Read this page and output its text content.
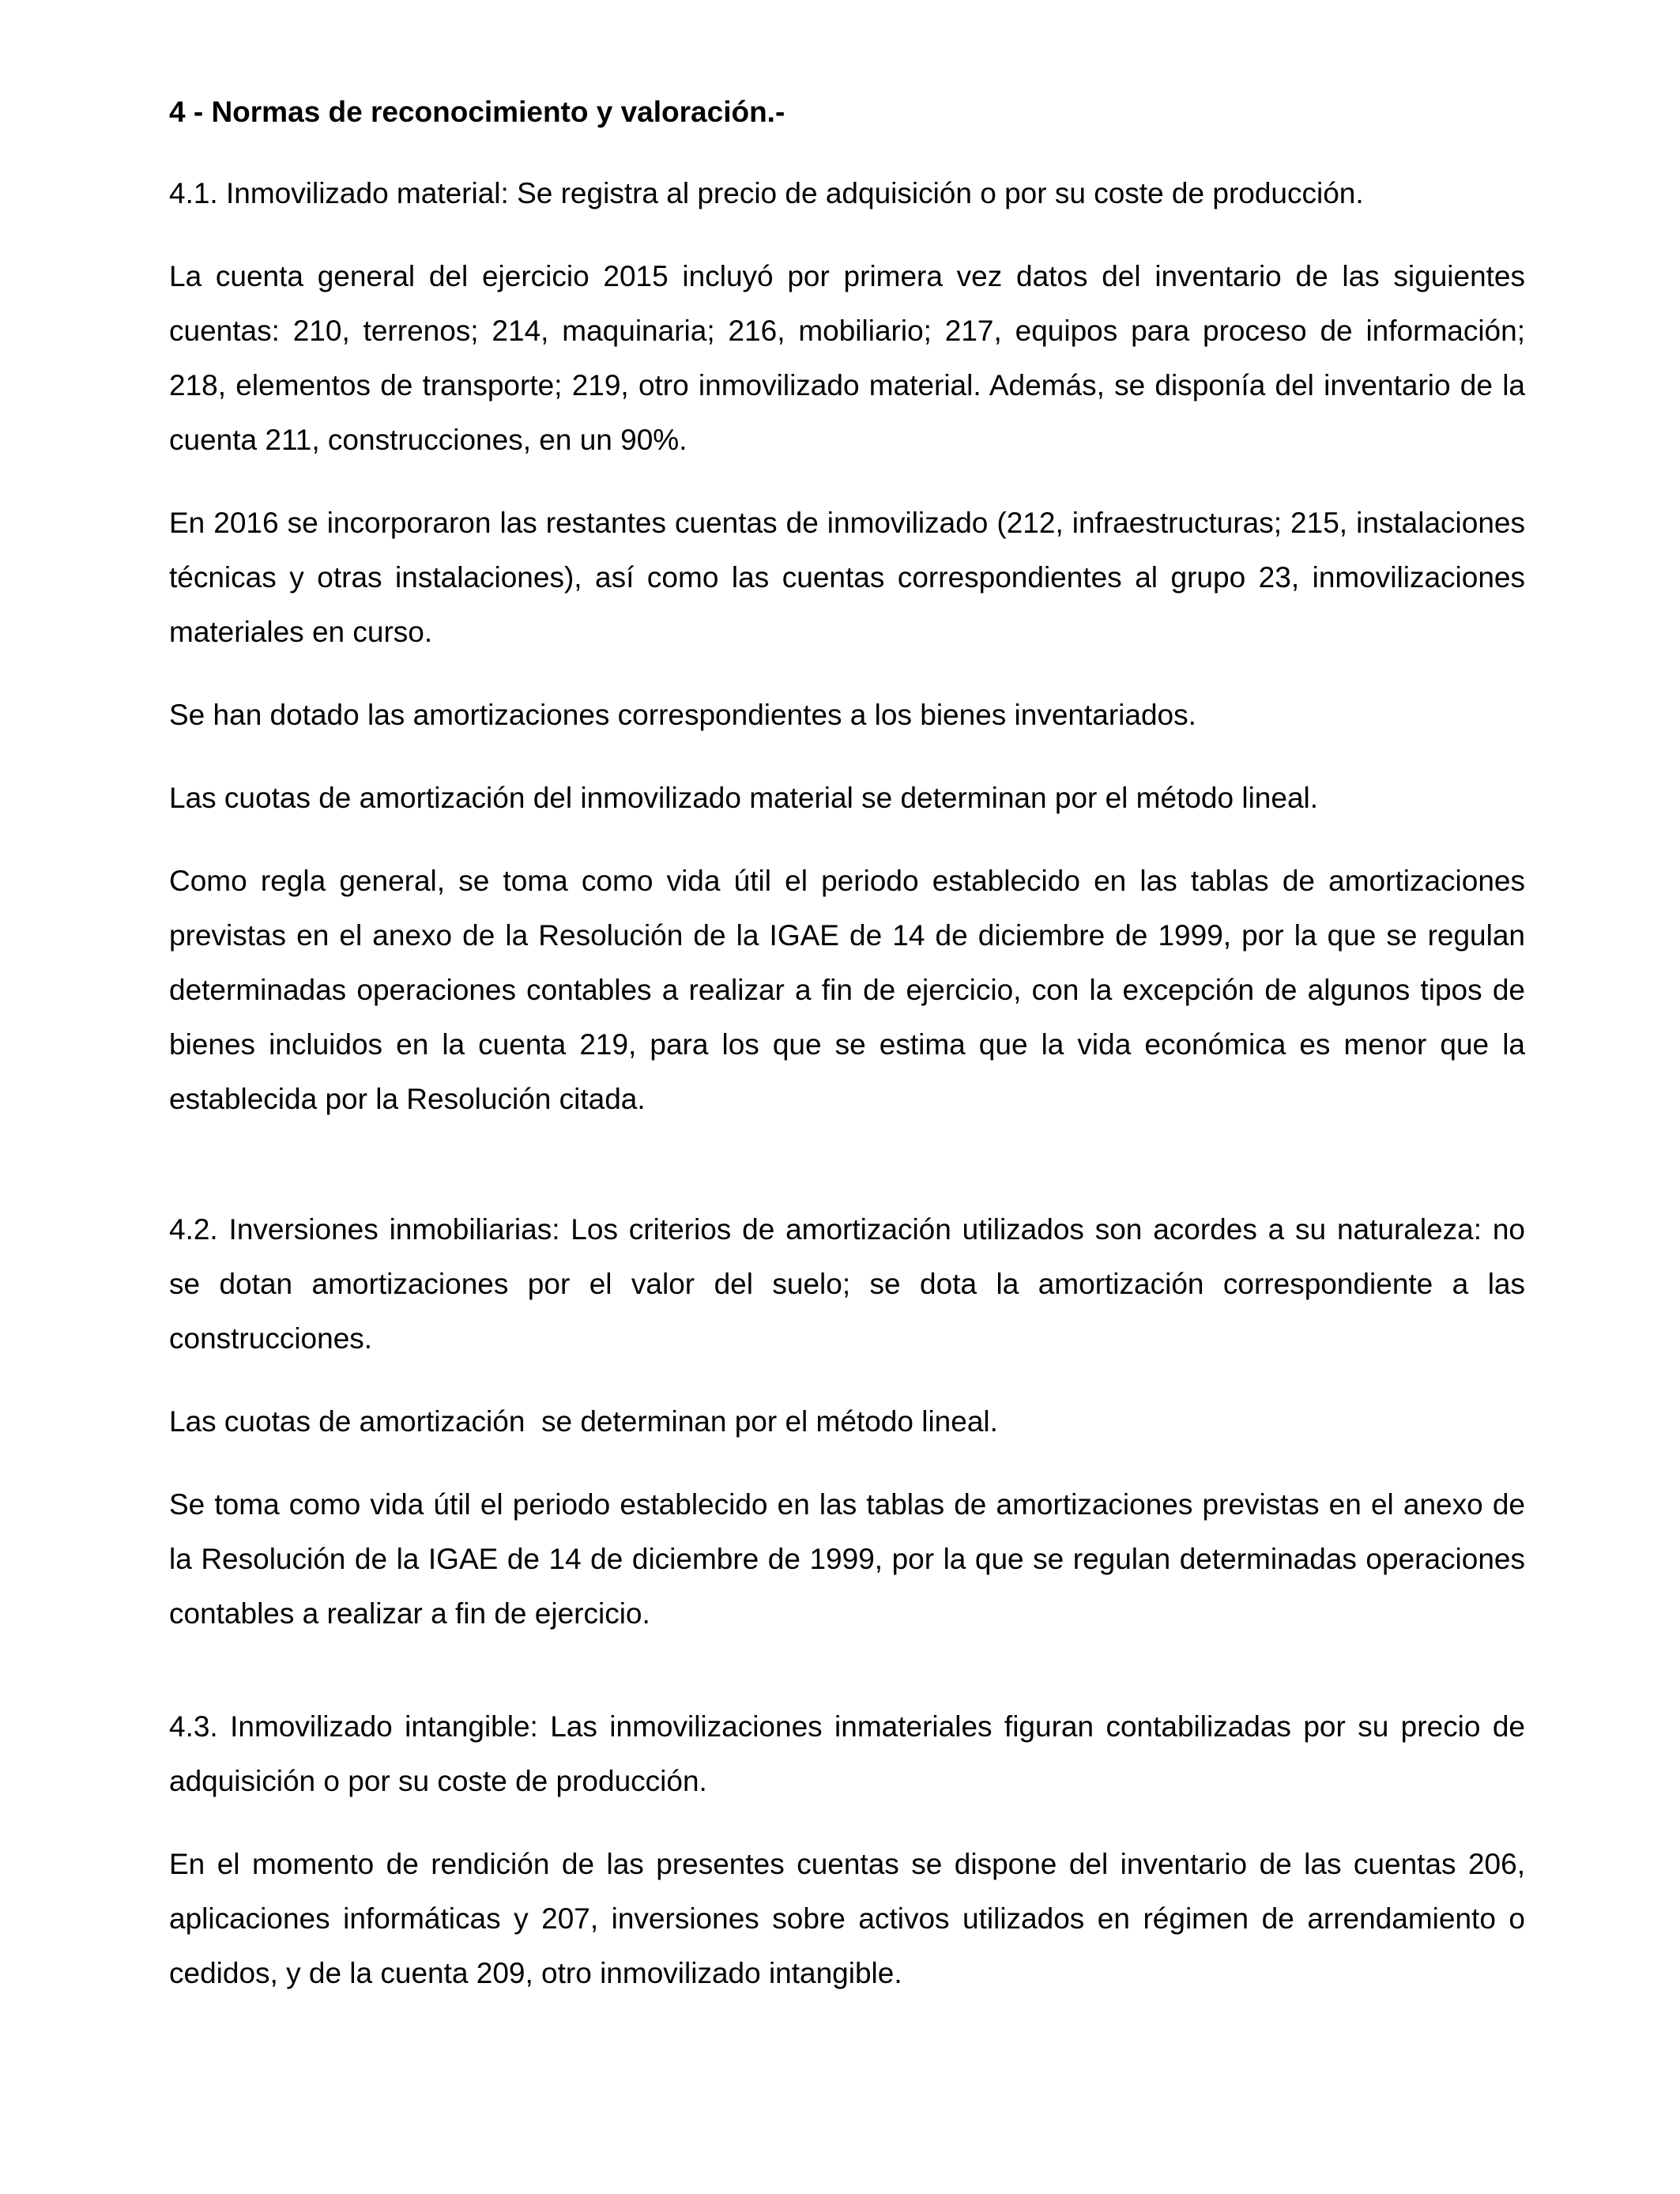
4 - Normas de reconocimiento y valoración.-

4.1. Inmovilizado material: Se registra al precio de adquisición o por su coste de producción.

La cuenta general del ejercicio 2015 incluyó por primera vez datos del inventario de las siguientes cuentas: 210, terrenos; 214, maquinaria; 216, mobiliario; 217, equipos para proceso de información; 218, elementos de transporte; 219, otro inmovilizado material. Además, se disponía del inventario de la cuenta 211, construcciones, en un 90%.

En 2016 se incorporaron las restantes cuentas de inmovilizado (212, infraestructuras; 215, instalaciones técnicas y otras instalaciones), así como las cuentas correspondientes al grupo 23, inmovilizaciones materiales en curso.

Se han dotado las amortizaciones correspondientes a los bienes inventariados.

Las cuotas de amortización del inmovilizado material se determinan por el método lineal.

Como regla general, se toma como vida útil el periodo establecido en las tablas de amortizaciones previstas en el anexo de la Resolución de la IGAE de 14 de diciembre de 1999, por la que se regulan determinadas operaciones contables a realizar a fin de ejercicio, con la excepción de algunos tipos de bienes incluidos en la cuenta 219, para los que se estima que la vida económica es menor que la establecida por la Resolución citada.

4.2. Inversiones inmobiliarias: Los criterios de amortización utilizados son acordes a su naturaleza: no se dotan amortizaciones por el valor del suelo; se dota la amortización correspondiente a las construcciones.

Las cuotas de amortización  se determinan por el método lineal.

Se toma como vida útil el periodo establecido en las tablas de amortizaciones previstas en el anexo de la Resolución de la IGAE de 14 de diciembre de 1999, por la que se regulan determinadas operaciones contables a realizar a fin de ejercicio.

4.3. Inmovilizado intangible: Las inmovilizaciones inmateriales figuran contabilizadas por su precio de adquisición o por su coste de producción.

En el momento de rendición de las presentes cuentas se dispone del inventario de las cuentas 206, aplicaciones informáticas y 207, inversiones sobre activos utilizados en régimen de arrendamiento o cedidos, y de la cuenta 209, otro inmovilizado intangible.
